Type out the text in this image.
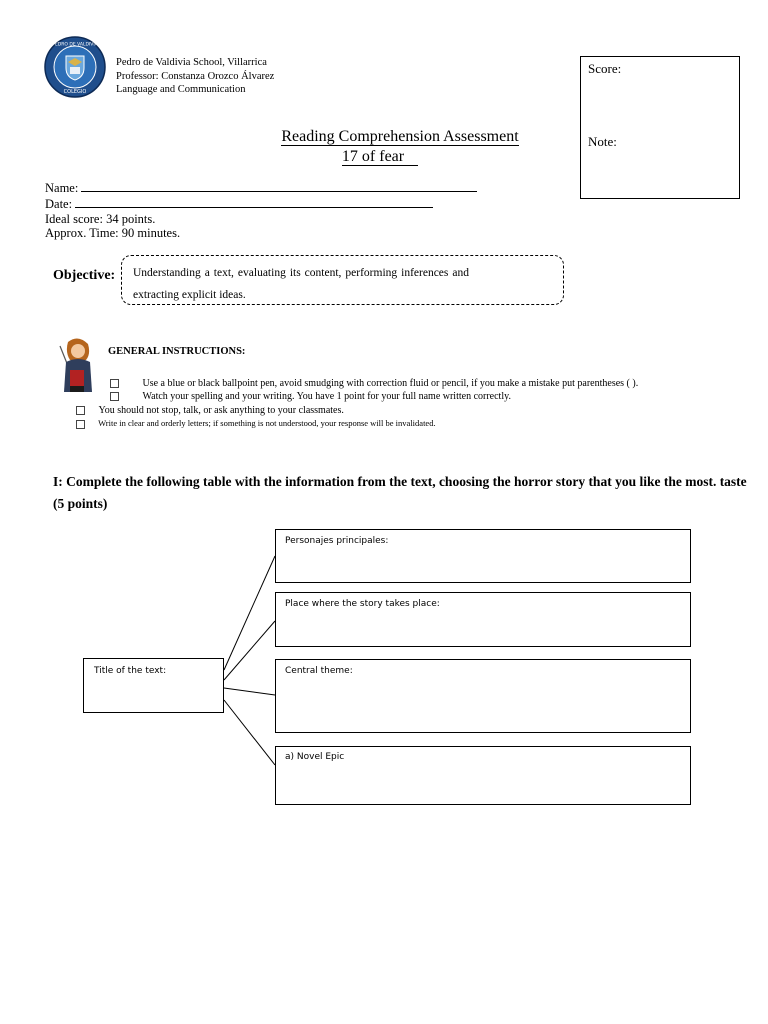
PEDRO DE VALDIVIA
COLEGIO
Pedro de Valdivia School, Villarrica
Professor: Constanza Orozco Álvarez
Language and Communication
Score:
Note:
Reading Comprehension Assessment
17 of fear
Name:
Date:
Ideal score: 34 points.
Approx. Time: 90 minutes.
Objective: Understanding a text, evaluating its content, performing inferences and extracting explicit ideas.
GENERAL INSTRUCTIONS:
Use a blue or black ballpoint pen, avoid smudging with correction fluid or pencil, if you make a mistake put parentheses ( ).
Watch your spelling and your writing. You have 1 point for your full name written correctly.
You should not stop, talk, or ask anything to your classmates.
Write in clear and orderly letters; if something is not understood, your response will be invalidated.
I: Complete the following table with the information from the text, choosing the horror story that you like the most. taste (5 points)
Title of the text:
Personajes principales:
Place where the story takes place:
Central theme:
a) Novel Epic
